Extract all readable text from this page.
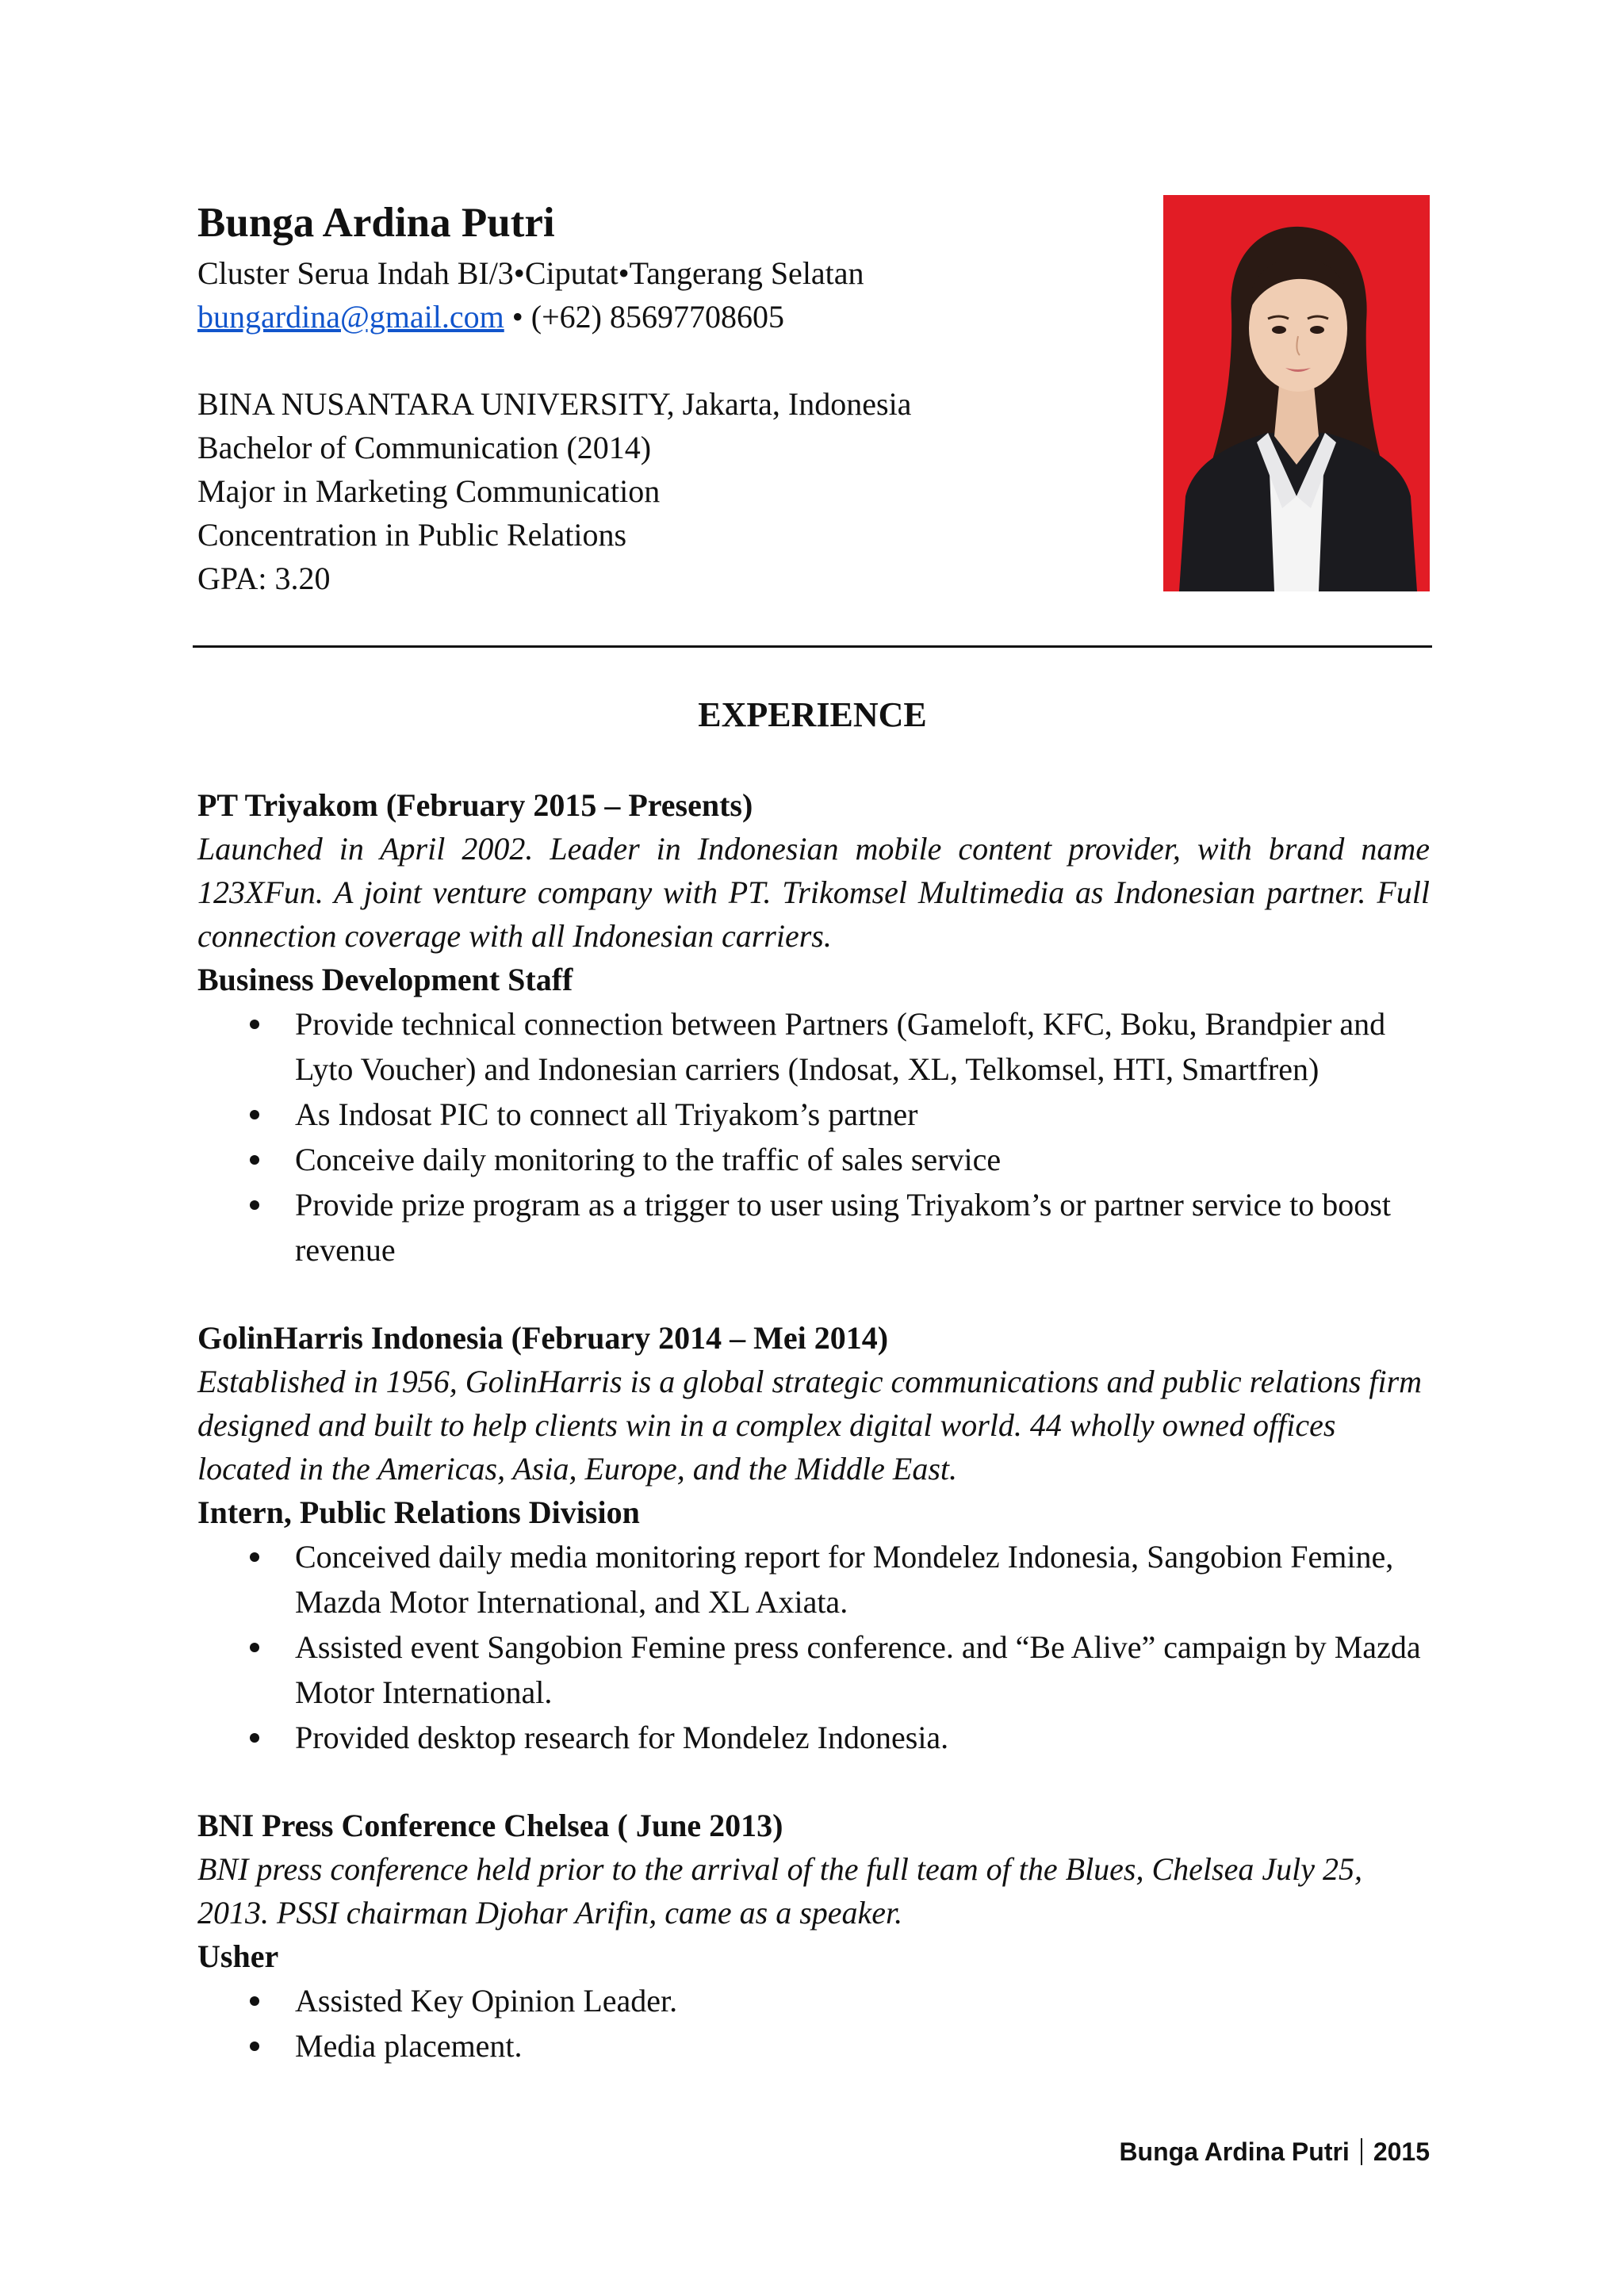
Bunga Ardina Putri

Cluster Serua Indah BI/3•Ciputat•Tangerang Selatan

bungardina@gmail.com • (+62) 85697708605

BINA NUSANTARA UNIVERSITY, Jakarta, Indonesia

Bachelor of Communication (2014)

Major in Marketing Communication

Concentration in Public Relations

GPA: 3.20

EXPERIENCE

PT Triyakom (February 2015 – Presents)

Launched in April 2002. Leader in Indonesian mobile content provider, with brand name 123XFun. A joint venture company with PT. Trikomsel Multimedia as Indonesian partner. Full connection coverage with all Indonesian carriers.

Business Development Staff

Provide technical connection between Partners (Gameloft, KFC, Boku, Brandpier and Lyto Voucher) and Indonesian carriers (Indosat, XL, Telkomsel, HTI, Smartfren)
As Indosat PIC to connect all Triyakom’s partner
Conceive daily monitoring to the traffic of sales service
Provide prize program as a trigger to user using Triyakom’s or partner service to boost revenue

GolinHarris Indonesia (February 2014 – Mei 2014)

Established in 1956, GolinHarris is a global strategic communications and public relations firm designed and built to help clients win in a complex digital world. 44 wholly owned offices located in the Americas, Asia, Europe, and the Middle East.

Intern, Public Relations Division

Conceived daily media monitoring report for Mondelez Indonesia, Sangobion Femine, Mazda Motor International, and XL Axiata.
Assisted event Sangobion Femine press conference. and “Be Alive” campaign by Mazda Motor International.
Provided desktop research for Mondelez Indonesia.

BNI Press Conference Chelsea ( June 2013)

BNI press conference held prior to the arrival of the full team of the Blues, Chelsea July 25, 2013. PSSI chairman Djohar Arifin, came as a speaker.

Usher

Assisted Key Opinion Leader.
Media placement.
Bunga Ardina Putri 2015
